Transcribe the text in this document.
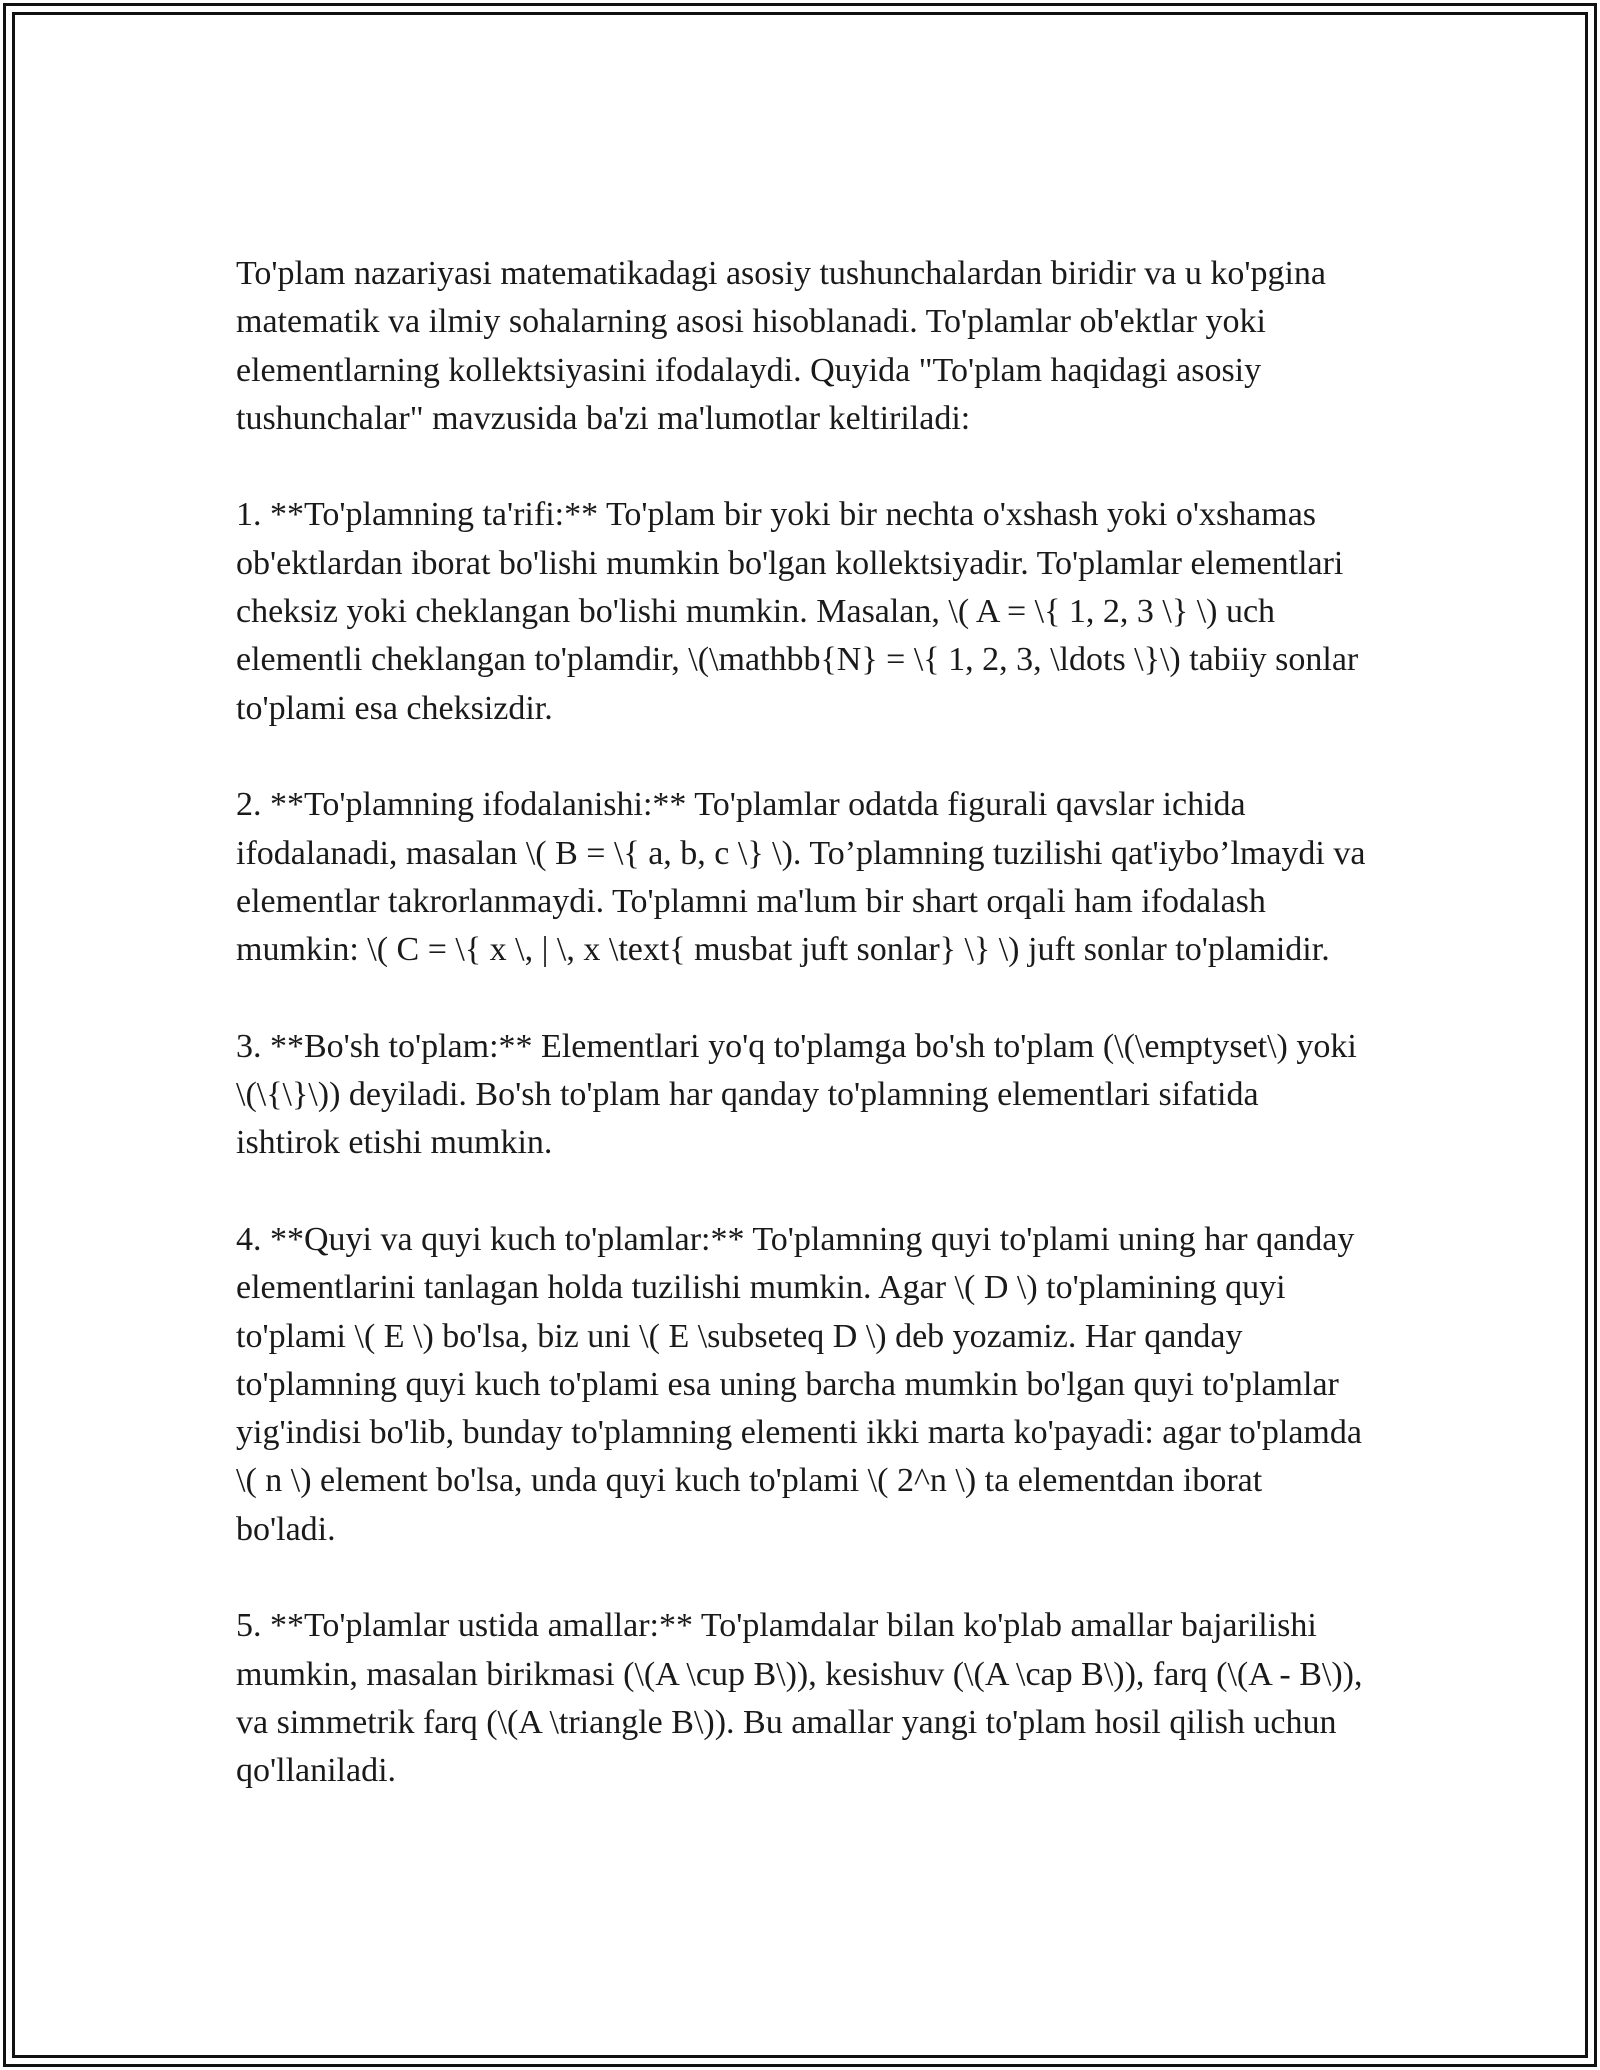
To'plam nazariyasi matematikadagi asosiy tushunchalardan biridir va u ko'pgina matematik va ilmiy sohalarning asosi hisoblanadi. To'plamlar ob'ektlar yoki elementlarning kollektsiyasini ifodalaydi. Quyida "To'plam haqidagi asosiy tushunchalar" mavzusida ba'zi ma'lumotlar keltiriladi:

1. **To'plamning ta'rifi:** To'plam bir yoki bir nechta o'xshash yoki o'xshamas ob'ektlardan iborat bo'lishi mumkin bo'lgan kollektsiyadir. To'plamlar elementlari cheksiz yoki cheklangan bo'lishi mumkin. Masalan, \( A = \{ 1, 2, 3 \} \) uch elementli cheklangan to'plamdir, \(\mathbb{N} = \{ 1, 2, 3, \ldots \}\) tabiiy sonlar to'plami esa cheksizdir.

2. **To'plamning ifodalanishi:** To'plamlar odatda figurali qavslar ichida ifodalanadi, masalan \( B = \{ a, b, c \} \). To’plamning tuzilishi qat'iybo’lmaydi va elementlar takrorlanmaydi. To'plamni ma'lum bir shart orqali ham ifodalash mumkin: \( C = \{ x \, | \, x \text{ musbat juft sonlar} \} \) juft sonlar to'plamidir.

3. **Bo'sh to'plam:** Elementlari yo'q to'plamga bo'sh to'plam (\(\emptyset\) yoki \(\{\}\)) deyiladi. Bo'sh to'plam har qanday to'plamning elementlari sifatida ishtirok etishi mumkin.

4. **Quyi va quyi kuch to'plamlar:** To'plamning quyi to'plami uning har qanday elementlarini tanlagan holda tuzilishi mumkin. Agar \( D \) to'plamining quyi to'plami \( E \) bo'lsa, biz uni \( E \subseteq D \) deb yozamiz. Har qanday to'plamning quyi kuch to'plami esa uning barcha mumkin bo'lgan quyi to'plamlar yig'indisi bo'lib, bunday to'plamning elementi ikki marta ko'payadi: agar to'plamda \( n \) element bo'lsa, unda quyi kuch to'plami \( 2^n \) ta elementdan iborat bo'ladi.

5. **To'plamlar ustida amallar:** To'plamdalar bilan ko'plab amallar bajarilishi mumkin, masalan birikmasi (\(A \cup B\)), kesishuv (\(A \cap B\)), farq (\(A - B\)), va simmetrik farq (\(A \triangle B\)). Bu amallar yangi to'plam hosil qilish uchun qo'llaniladi.
